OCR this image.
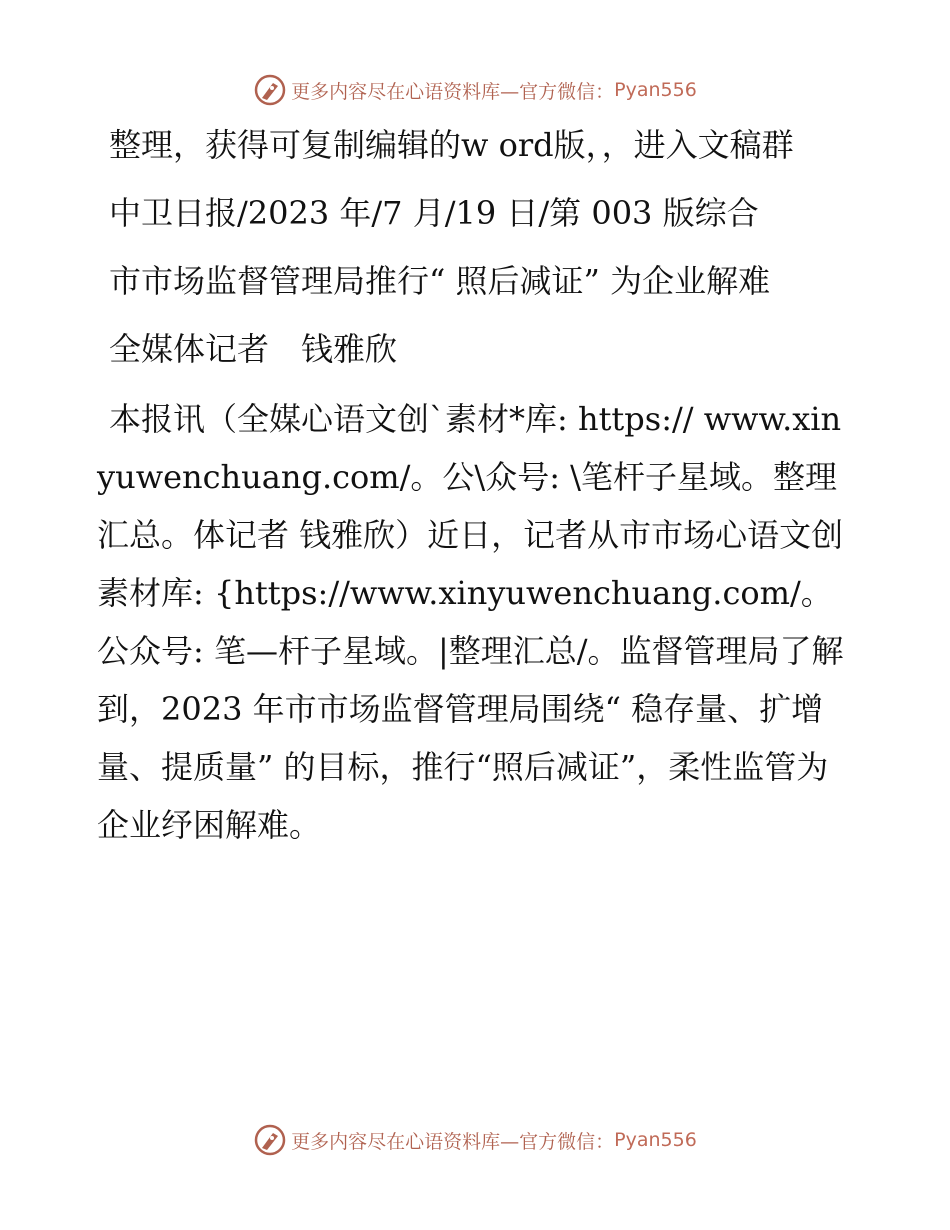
更多内容尽在心语资料库—官方微信： Pyan556

整理，获得可复制编辑的w ord版，，进入文稿群

中卫日报/2023 年/7 月/19 日/第 003 版综合

市市场监督管理局推行“ 照后减证” 为企业解难

全媒体记者　钱雅欣

本报讯（全媒心语文创`素材*库: https:// www.xinyuwenchuang.com/。公\众号: \笔杆子星域。整理汇总。体记者 钱雅欣）近日，记者从市市场心语文创素材库: {https://www.xinyuwenchuang.com/。公众号: 笔—杆子星域。|整理汇总/。监督管理局了解到，2023 年市市场监督管理局围绕“ 稳存量、扩增量、提质量” 的目标，推行“照后减证”，柔性监管为企业纾困解难。

更多内容尽在心语资料库—官方微信： Pyan556
